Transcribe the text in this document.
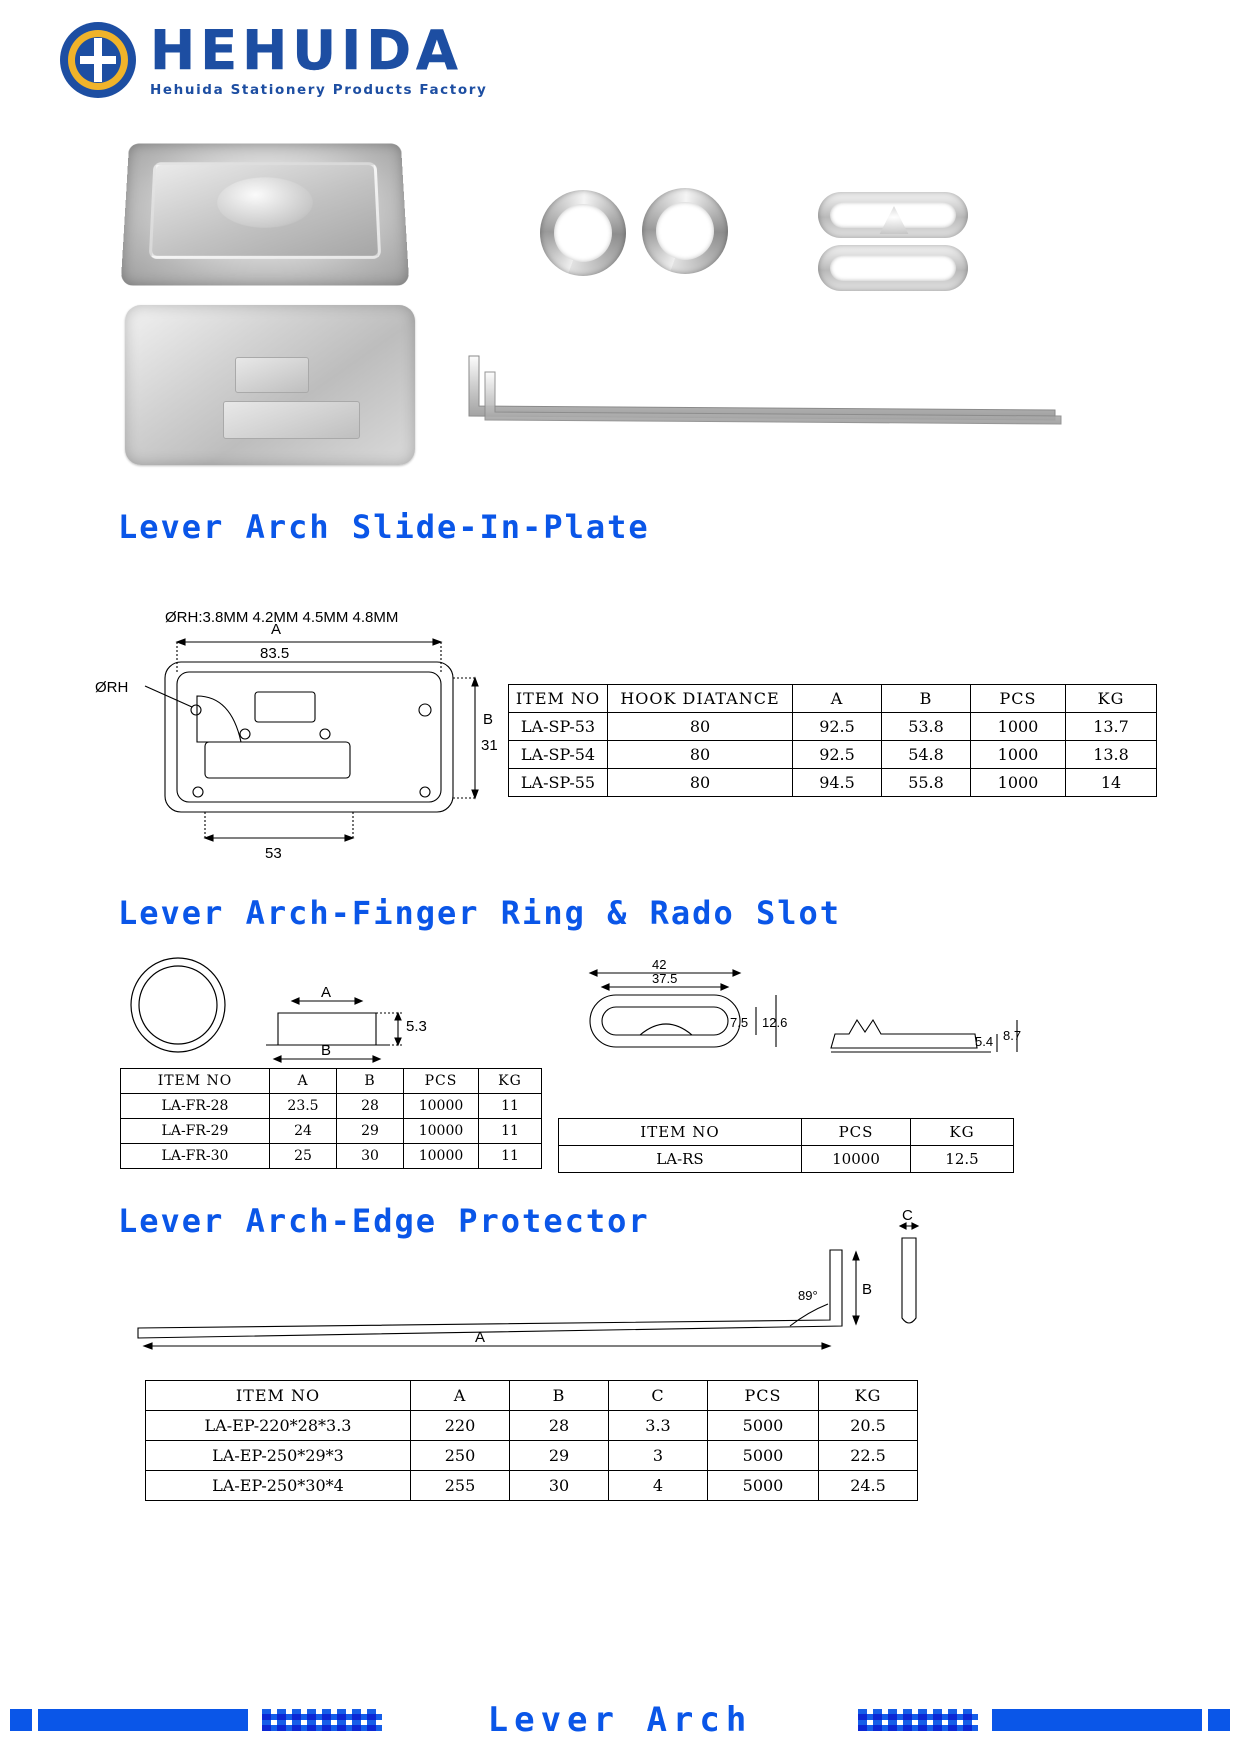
HEHUIDA
Hehuida Stationery Products Factory
Lever Arch Slide-In-Plate
ØRH:3.8MM 4.2MM 4.5MM 4.8MM
A
83.5
B
31
53
ØRH
ITEM NO	HOOK DIATANCE	A	B	PCS	KG
LA-SP-53	80	92.5	53.8	1000	13.7
LA-SP-54	80	92.5	54.8	1000	13.8
LA-SP-55	80	94.5	55.8	1000	14
Lever Arch-Finger Ring & Rado Slot
A
B
5.3
42
37.5
7.5 12.6
5.4 8.7
ITEM NO	A	B	PCS	KG
LA-FR-28	23.5	28	10000	11
LA-FR-29	24	29	10000	11
LA-FR-30	25	30	10000	11
ITEM NO	PCS	KG
LA-RS	10000	12.5
Lever Arch-Edge Protector
A
B
89°
C
ITEM NO	A	B	C	PCS	KG
LA-EP-220*28*3.3	220	28	3.3	5000	20.5
LA-EP-250*29*3	250	29	3	5000	22.5
LA-EP-250*30*4	255	30	4	5000	24.5
Lever Arch
